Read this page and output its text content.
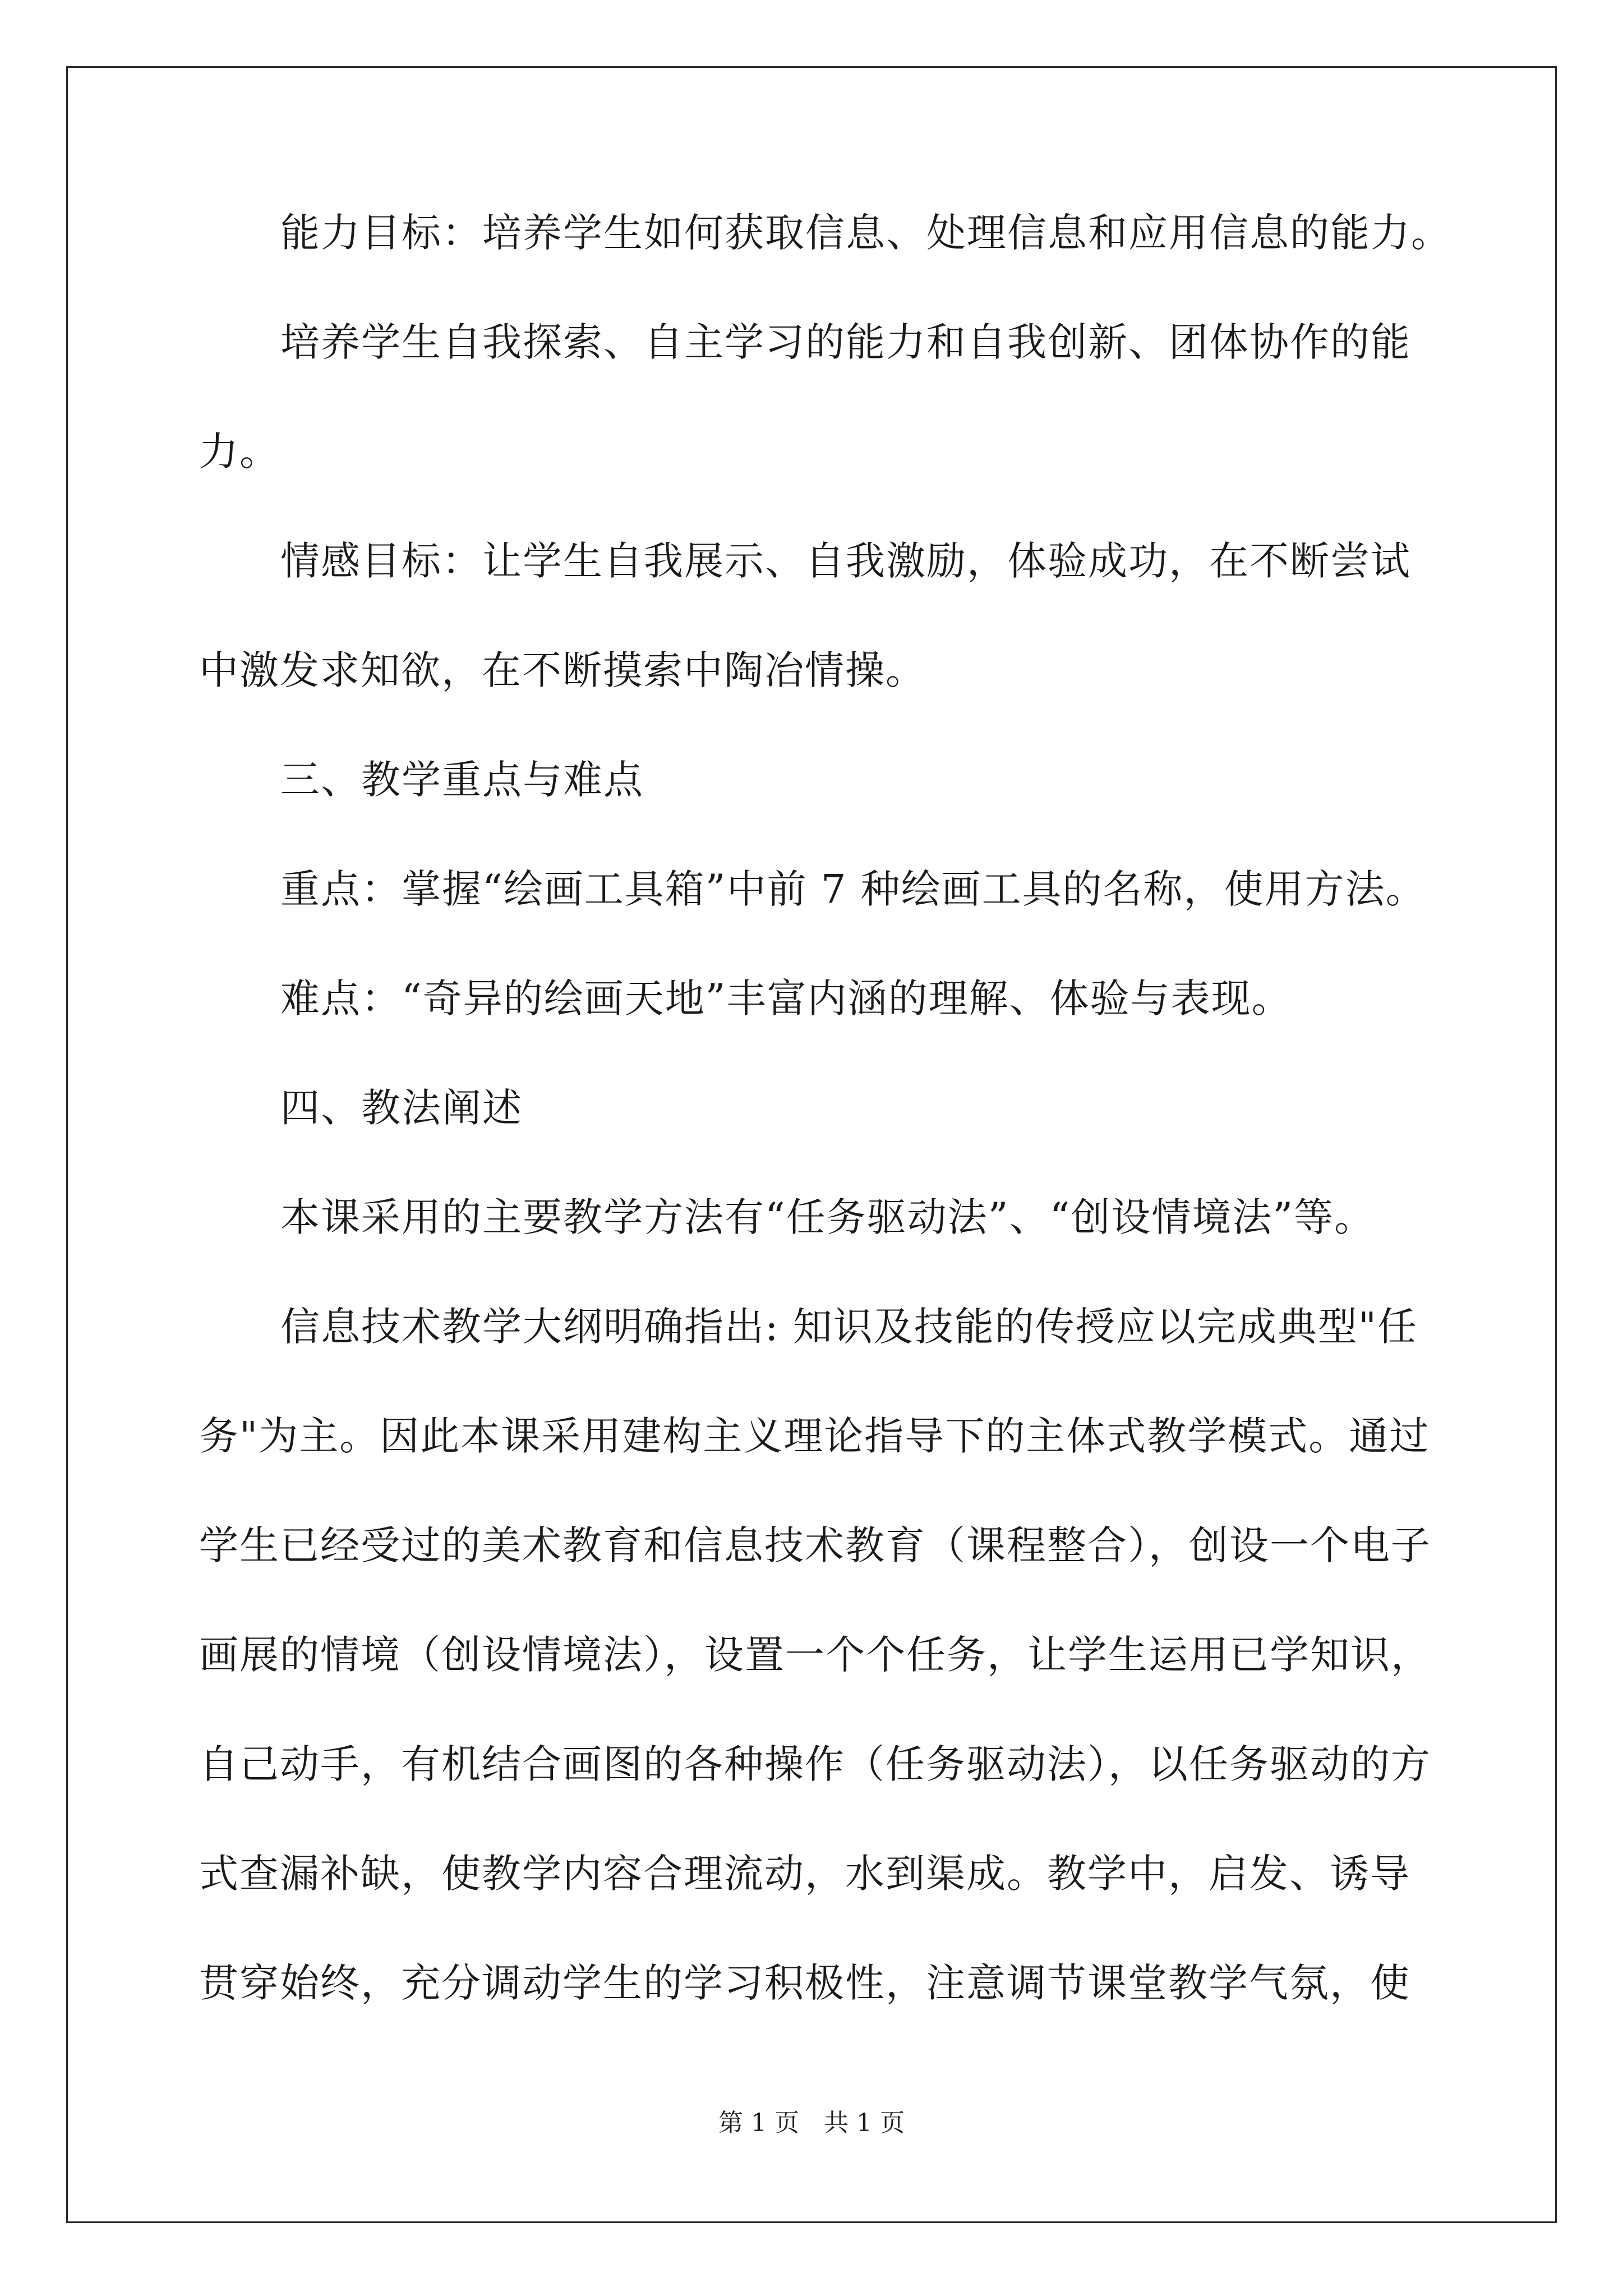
能力目标：培养学生如何获取信息、处理信息和应用信息的能力。
培养学生自我探索、自主学习的能力和自我创新、团体协作的能
力。
情感目标：让学生自我展示、自我激励，体验成功，在不断尝试
中激发求知欲，在不断摸索中陶冶情操。
三、教学重点与难点
重点：掌握“绘画工具箱”中前 7 种绘画工具的名称，使用方法。
难点：“奇异的绘画天地”丰富内涵的理解、体验与表现。
四、教法阐述
本课采用的主要教学方法有“任务驱动法”、“创设情境法”等。
信息技术教学大纲明确指出: 知识及技能的传授应以完成典型"任
务"为主。因此本课采用建构主义理论指导下的主体式教学模式。通过
学生已经受过的美术教育和信息技术教育（课程整合），创设一个电子
画展的情境（创设情境法），设置一个个任务，让学生运用已学知识，
自己动手，有机结合画图的各种操作（任务驱动法），以任务驱动的方
式查漏补缺，使教学内容合理流动，水到渠成。教学中，启发、诱导
贯穿始终，充分调动学生的学习积极性，注意调节课堂教学气氛，使
第 1 页　共 1 页
